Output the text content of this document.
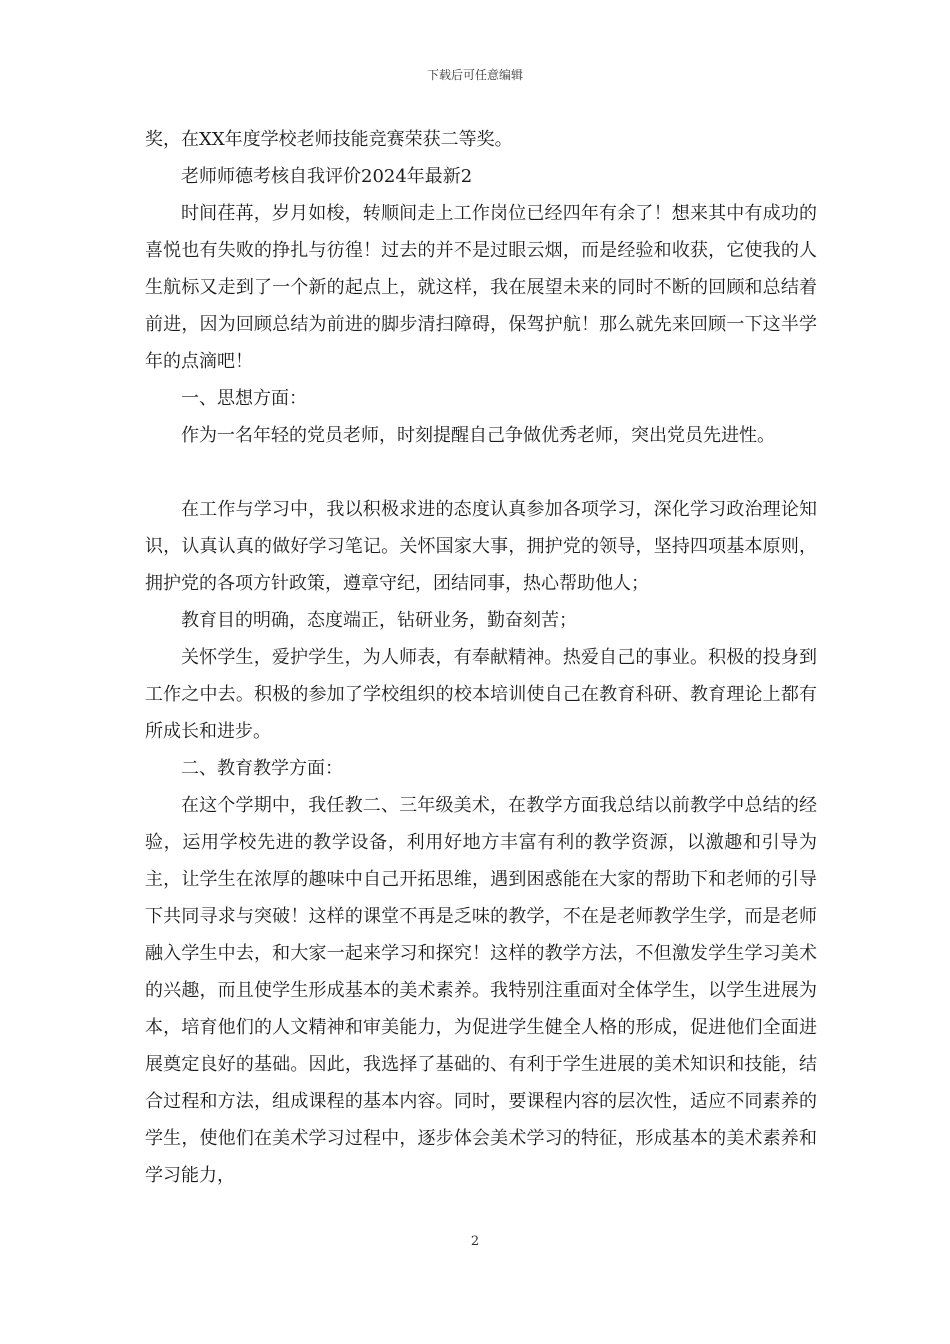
下载后可任意编辑

奖，在XX年度学校老师技能竞赛荣获二等奖。

老师师德考核自我评价2024年最新2

时间荏苒，岁月如梭，转顺间走上工作岗位已经四年有余了！想来其中有成功的喜悦也有失败的挣扎与彷徨！过去的并不是过眼云烟，而是经验和收获，它使我的人生航标又走到了一个新的起点上，就这样，我在展望未来的同时不断的回顾和总结着前进，因为回顾总结为前进的脚步清扫障碍，保驾护航！那么就先来回顾一下这半学年的点滴吧！

一、思想方面：

作为一名年轻的党员老师，时刻提醒自己争做优秀老师，突出党员先进性。

在工作与学习中，我以积极求进的态度认真参加各项学习，深化学习政治理论知识，认真认真的做好学习笔记。关怀国家大事，拥护党的领导，坚持四项基本原则，拥护党的各项方针政策，遵章守纪，团结同事，热心帮助他人；

教育目的明确，态度端正，钻研业务，勤奋刻苦；

关怀学生，爱护学生，为人师表，有奉献精神。热爱自己的事业。积极的投身到工作之中去。积极的参加了学校组织的校本培训使自己在教育科研、教育理论上都有所成长和进步。

二、教育教学方面：

在这个学期中，我任教二、三年级美术，在教学方面我总结以前教学中总结的经验，运用学校先进的教学设备，利用好地方丰富有利的教学资源，以激趣和引导为主，让学生在浓厚的趣味中自己开拓思维，遇到困惑能在大家的帮助下和老师的引导下共同寻求与突破！这样的课堂不再是乏味的教学，不在是老师教学生学，而是老师融入学生中去，和大家一起来学习和探究！这样的教学方法，不但激发学生学习美术的兴趣，而且使学生形成基本的美术素养。我特别注重面对全体学生，以学生进展为本，培育他们的人文精神和审美能力，为促进学生健全人格的形成，促进他们全面进展奠定良好的基础。因此，我选择了基础的、有利于学生进展的美术知识和技能，结合过程和方法，组成课程的基本内容。同时，要课程内容的层次性，适应不同素养的学生，使他们在美术学习过程中，逐步体会美术学习的特征，形成基本的美术素养和学习能力，

2
